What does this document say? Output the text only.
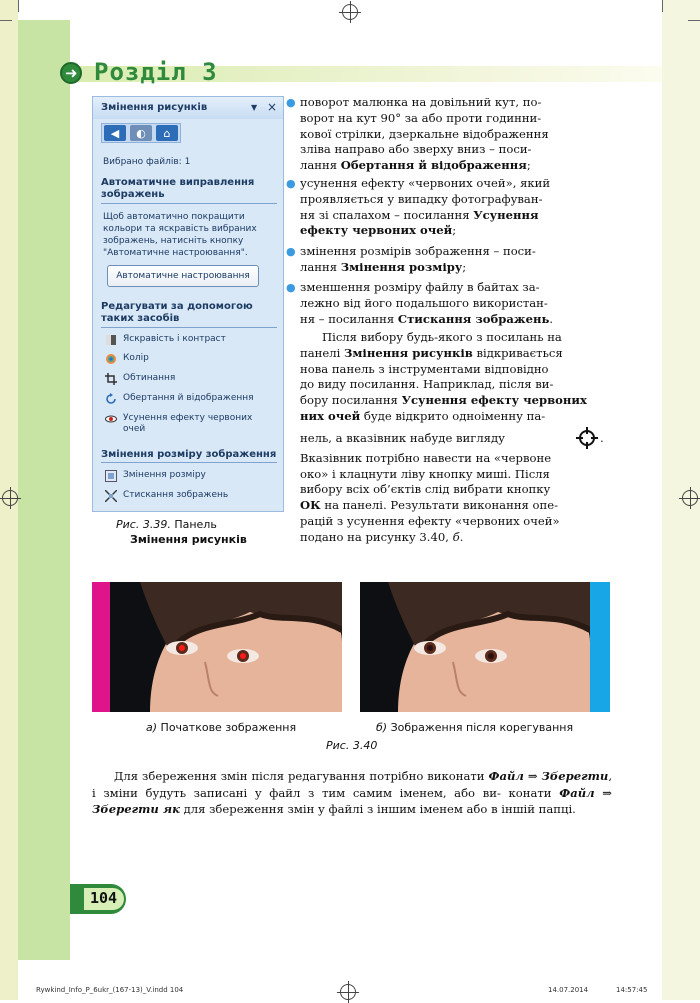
➜ Розділ 3
Змінення рисунків	▼ ×
◀	◐	⌂
Вибрано файлів: 1
Автоматичне виправлення
зображень
Щоб автоматично покращити
кольори та яскравість вибраних
зображень, натисніть кнопку
"Автоматичне настроювання".
Автоматичне настроювання
Редагувати за допомогою
таких засобів
Яскравість і контраст
Колір
Обтинання
Обертання й відображення
Усунення ефекту червоних
очей
Змінення розміру зображення
Змінення розміру
Стискання зображень
Рис. 3.39. Панель
Змінення рисунків
● поворот малюнка на довільний кут, по-
ворот на кут 90° за або проти годинни-
кової стрілки, дзеркальне відображення
зліва направо або зверху вниз – поси-
лання Обертання й відображення;
● усунення ефекту «червоних очей», який
проявляється у випадку фотографуван-
ня зі спалахом – посилання Усунення
ефекту червоних очей;
● змінення розмірів зображення – поси-
лання Змінення розміру;
● зменшення розміру файлу в байтах за-
лежно від його подальшого використан-
ня – посилання Стискання зображень.
Після вибору будь-якого з посилань на
панелі Змінення рисунків відкривається
нова панель з інструментами відповідно
до виду посилання. Наприклад, після ви-
бору посилання Усунення ефекту червоних
них очей буде відкрито одноіменну па-
нель, а вказівник набуде вигляду	.
Вказівник потрібно навести на «червоне
око» і клацнути ліву кнопку миші. Після
вибору всіх об’єктів слід вибрати кнопку
ОК на панелі. Результати виконання опе-
рацій з усунення ефекту «червоних очей»
подано на рисунку 3.40, б.
а) Початкове зображення	б) Зображення після корегування
Рис. 3.40
Для збереження змін після редагування потрібно виконати Файл ⇒ Зберегти, і зміни будуть записані у файл з тим самим іменем, або ви- конати Файл ⇒ Зберегти як для збереження змін у файлі з іншим іменем або в іншій папці.
104
Rywkind_Info_P_6ukr_(167-13)_V.indd 104	14.07.2014	14:57:45
